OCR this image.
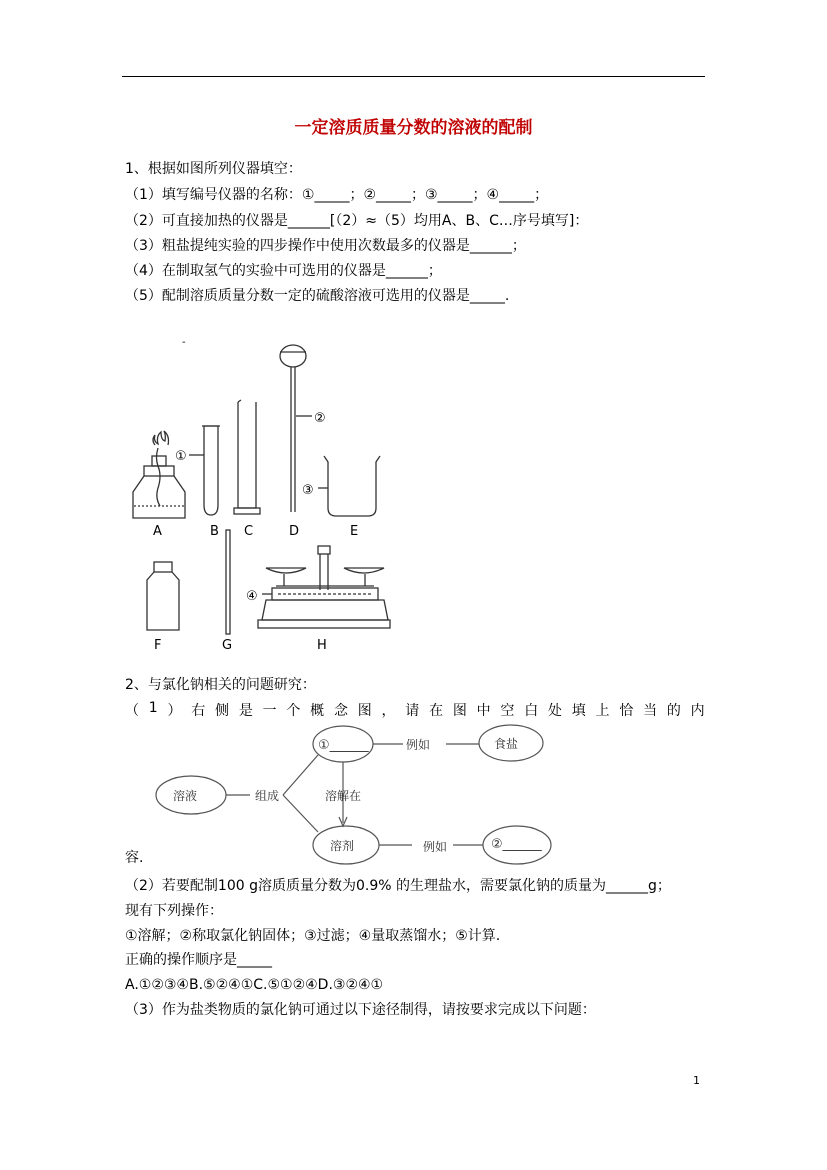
一定溶质质量分数的溶液的配制
1、根据如图所列仪器填空：
（1）填写编号仪器的名称：①_____；②_____；③_____；④_____；
（2）可直接加热的仪器是______[（2）≈（5）均用A、B、C…序号填写]：
（3）粗盐提纯实验的四步操作中使用次数最多的仪器是______；
（4）在制取氢气的实验中可选用的仪器是______；
（5）配制溶质质量分数一定的硫酸溶液可选用的仪器是_____.
-
A	B C	D	E
F	G	H
①
②
③
④
2、与氯化钠相关的问题研究：
（ 1 ） 右 侧 是 一 个 概 念 图 ， 请 在 图 中 空 白 处 填 上 恰 当 的 内
溶液	组成
①______	例如	食盐
溶解在
溶剂	例如	②______
容.
（2）若要配制100 g溶质质量分数为0.9% 的生理盐水，需要氯化钠的质量为______g；
现有下列操作：
①溶解；②称取氯化钠固体；③过滤；④量取蒸馏水；⑤计算.
正确的操作顺序是_____
A.①②③④B.⑤②④①C.⑤①②④D.③②④①
（3）作为盐类物质的氯化钠可通过以下途径制得，请按要求完成以下问题：
1
